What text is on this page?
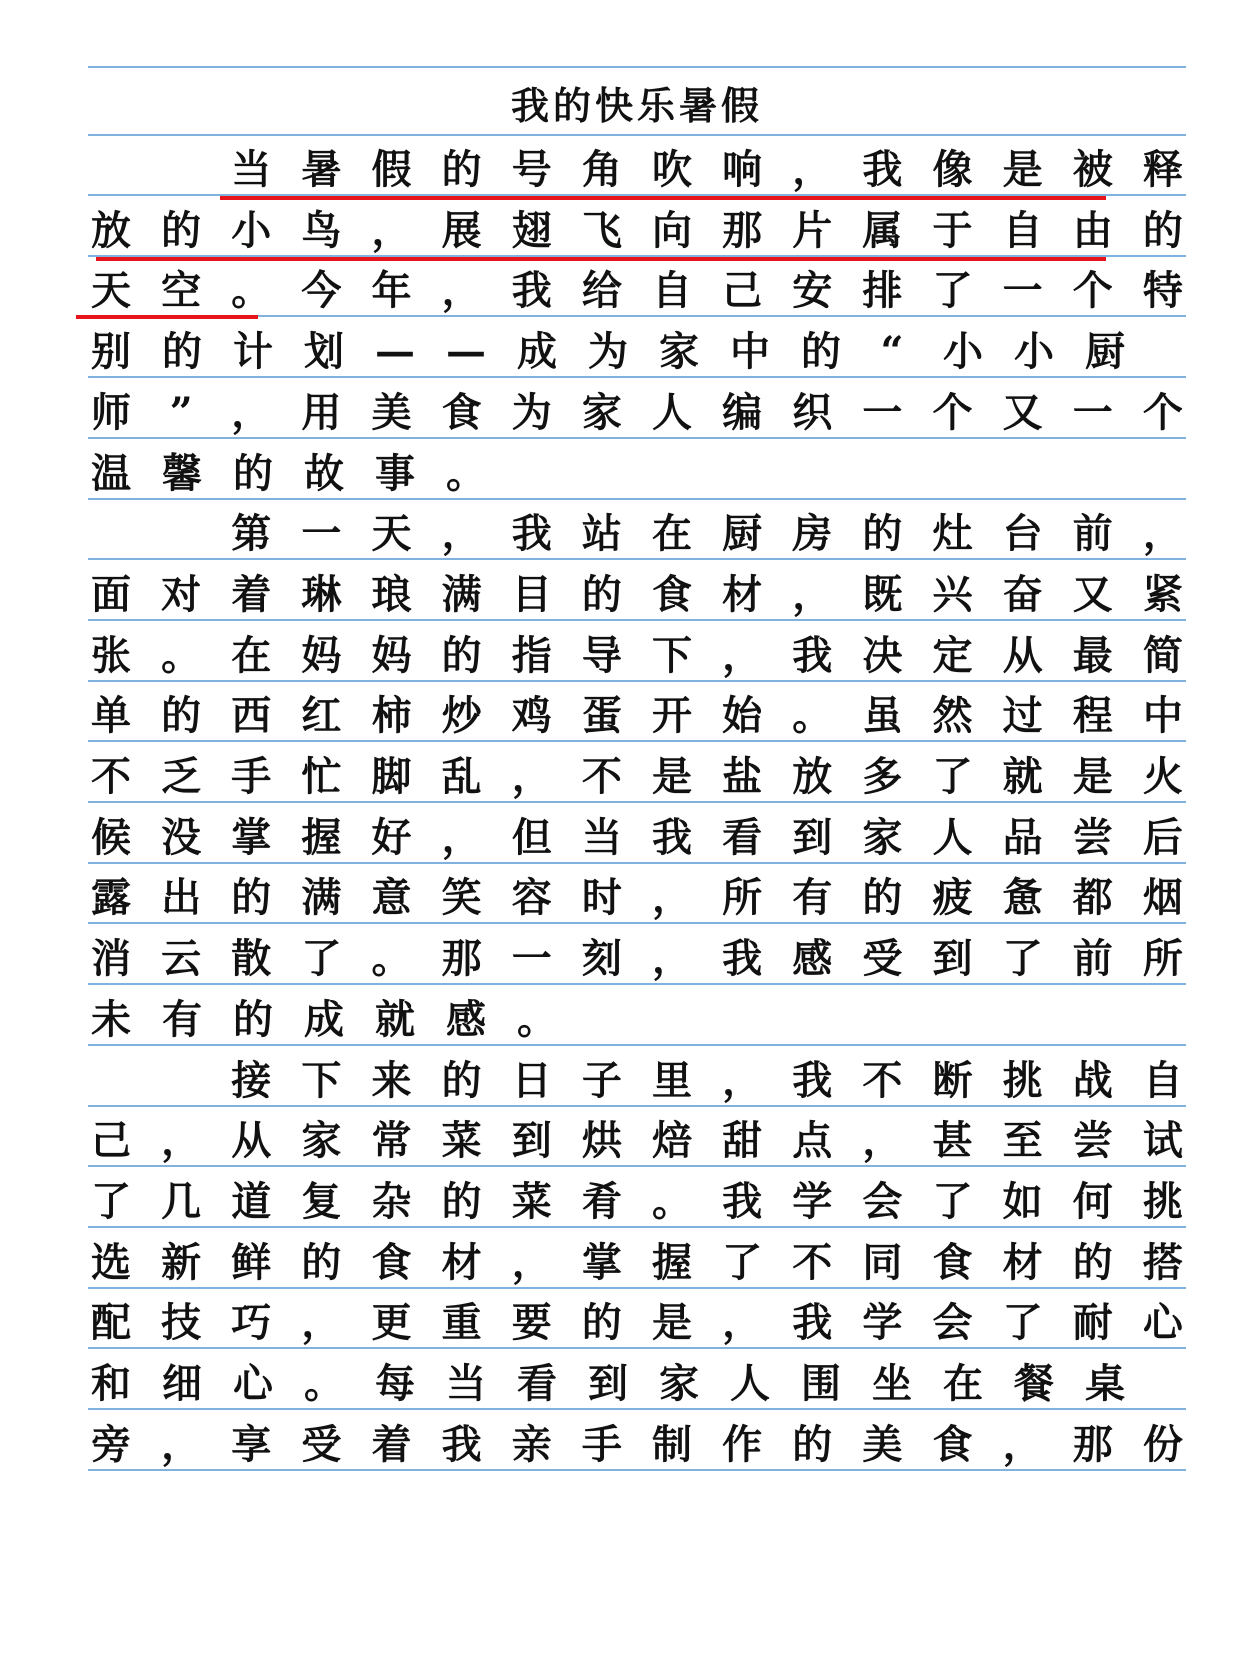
我的快乐暑假
当 暑 假 的 号 角 吹 响 ， 我 像 是 被 释
放 的 小 鸟 ， 展 翅 飞 向 那 片 属 于 自 由 的
天 空 。 今 年 ， 我 给 自 己 安 排 了 一 个 特
别 的 计 划 — — 成 为 家 中 的 “ 小 小 厨
师 ” ， 用 美 食 为 家 人 编 织 一 个 又 一 个
温 馨 的 故 事 。
第 一 天 ， 我 站 在 厨 房 的 灶 台 前 ，
面 对 着 琳 琅 满 目 的 食 材 ， 既 兴 奋 又 紧
张 。 在 妈 妈 的 指 导 下 ， 我 决 定 从 最 简
单 的 西 红 柿 炒 鸡 蛋 开 始 。 虽 然 过 程 中
不 乏 手 忙 脚 乱 ， 不 是 盐 放 多 了 就 是 火
候 没 掌 握 好 ， 但 当 我 看 到 家 人 品 尝 后
露 出 的 满 意 笑 容 时 ， 所 有 的 疲 惫 都 烟
消 云 散 了 。 那 一 刻 ， 我 感 受 到 了 前 所
未 有 的 成 就 感 。
接 下 来 的 日 子 里 ， 我 不 断 挑 战 自
己 ， 从 家 常 菜 到 烘 焙 甜 点 ， 甚 至 尝 试
了 几 道 复 杂 的 菜 肴 。 我 学 会 了 如 何 挑
选 新 鲜 的 食 材 ， 掌 握 了 不 同 食 材 的 搭
配 技 巧 ， 更 重 要 的 是 ， 我 学 会 了 耐 心
和 细 心 。 每 当 看 到 家 人 围 坐 在 餐 桌
旁 ， 享 受 着 我 亲 手 制 作 的 美 食 ， 那 份
